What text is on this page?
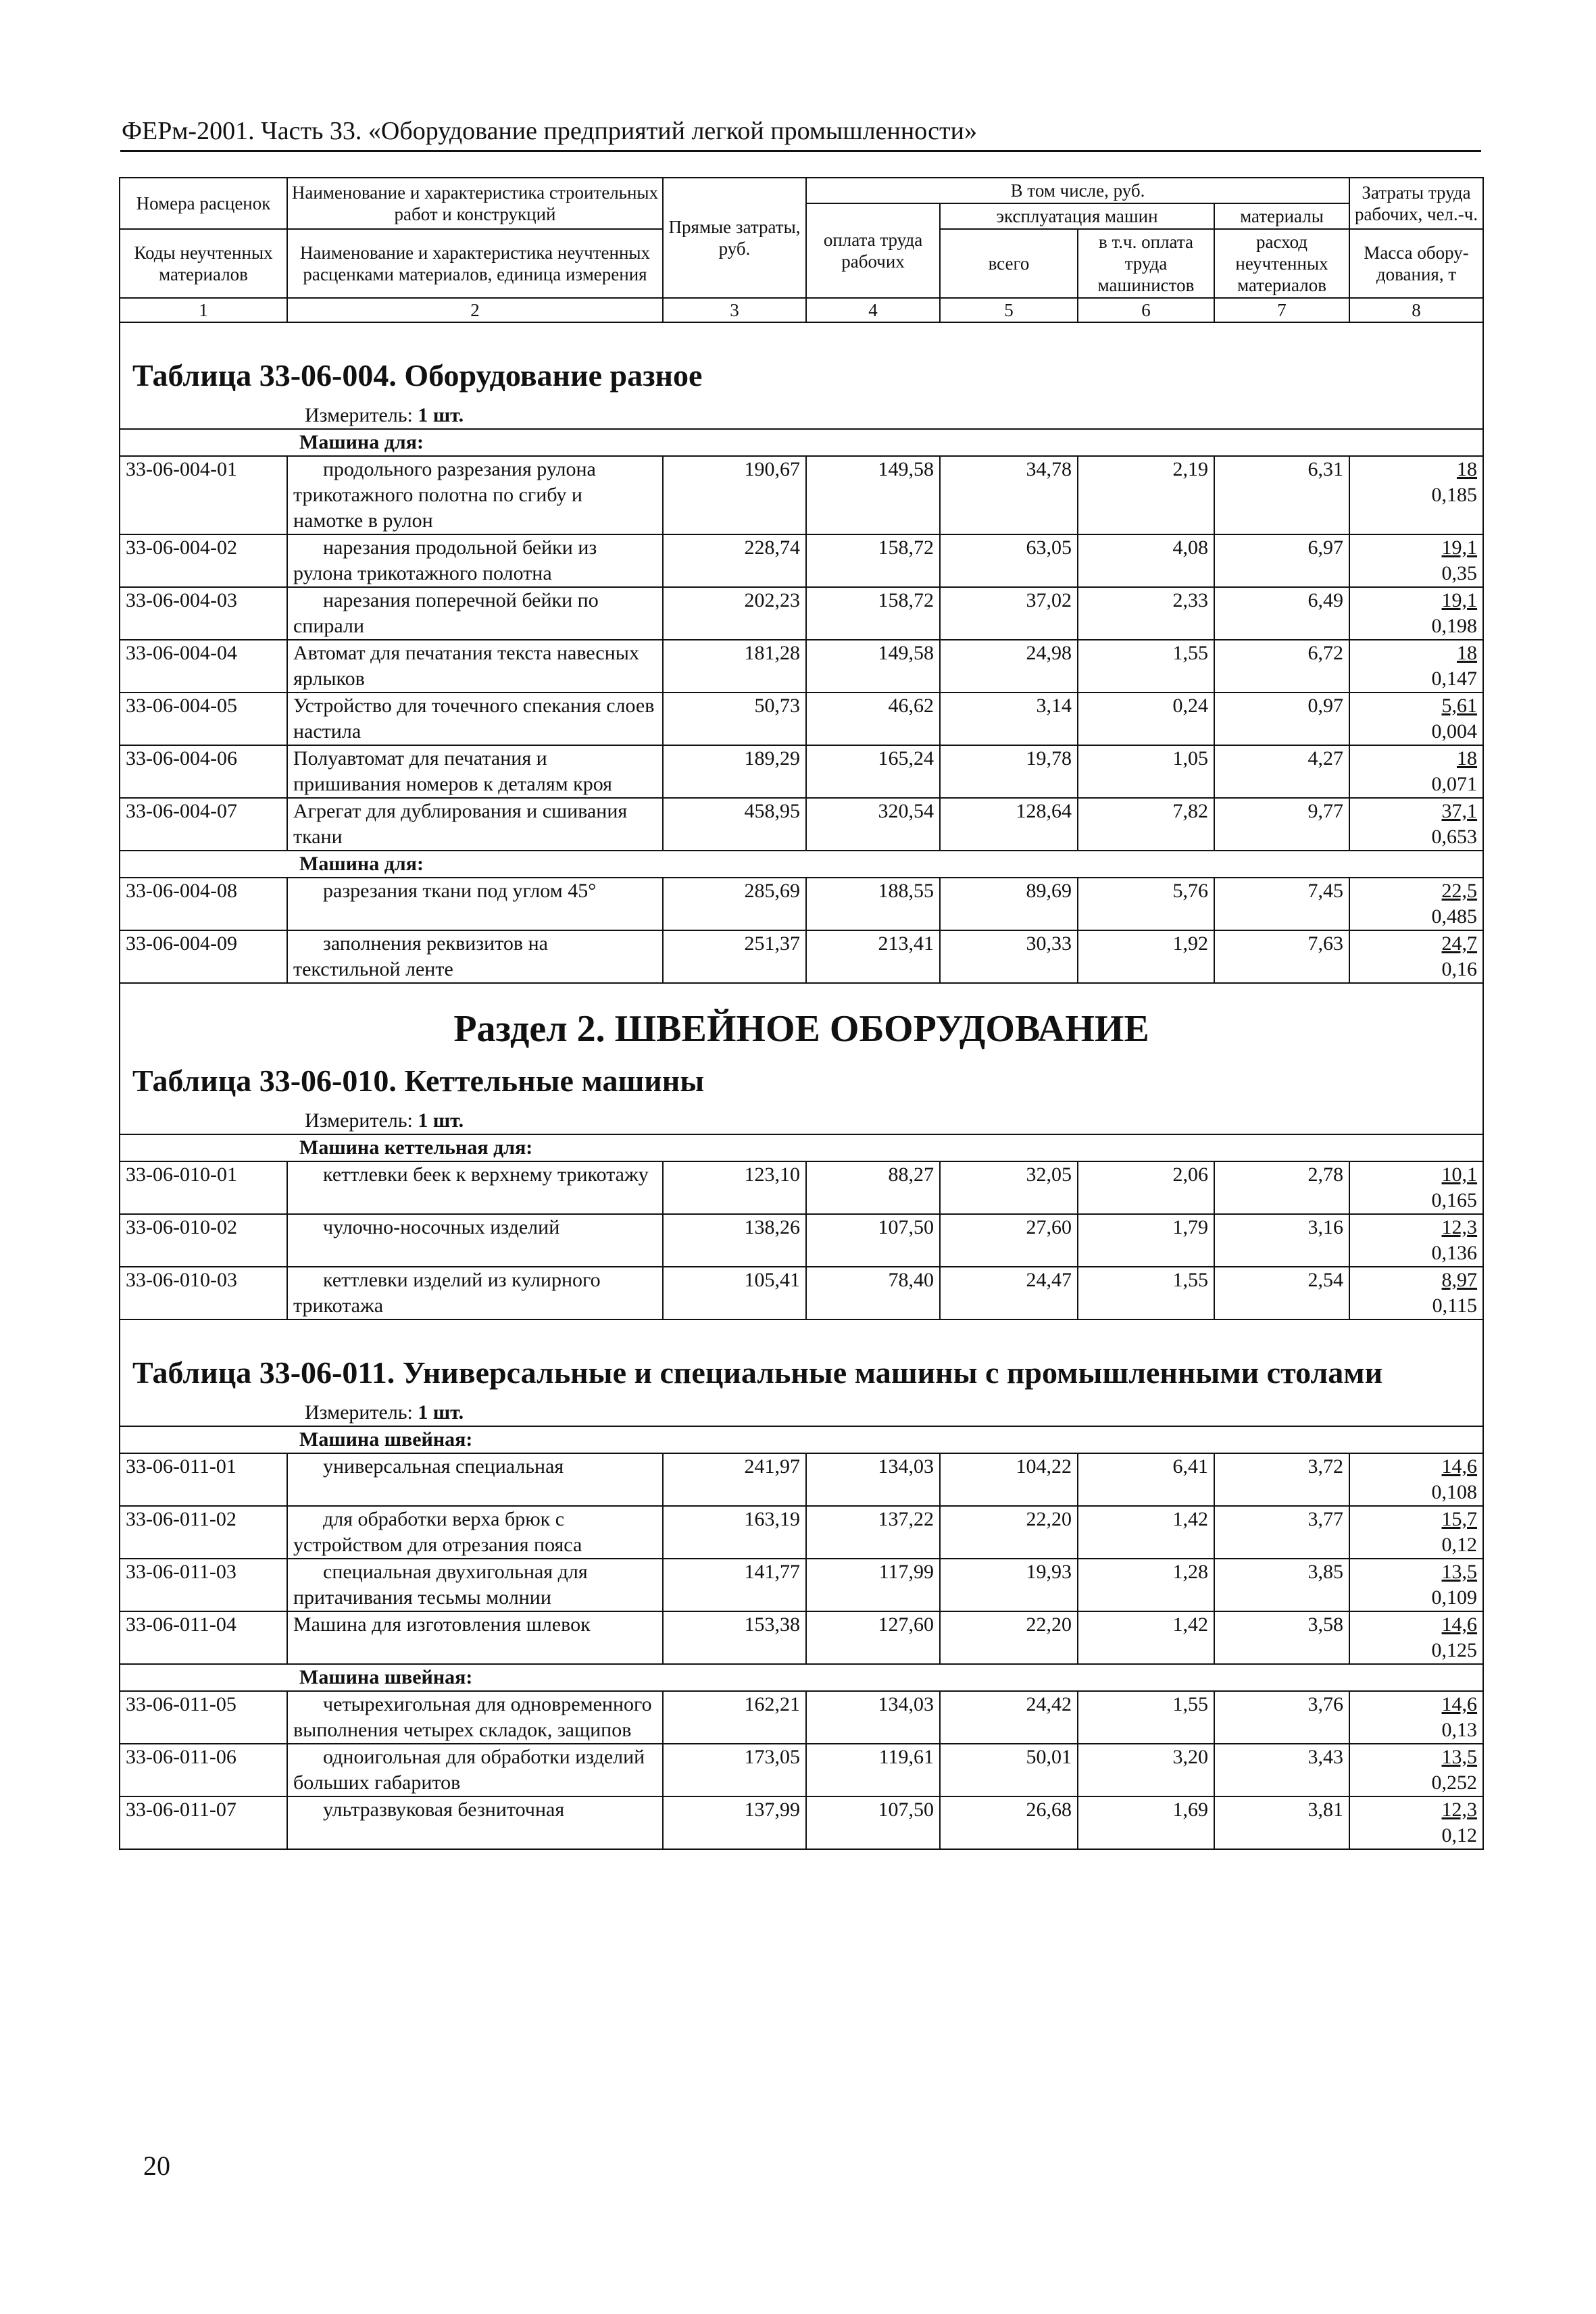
ФЕРм-2001. Часть 33. «Оборудование предприятий легкой промышленности»
Номера расценок	Наименование и характеристика строительных работ и конструкций	Прямые затраты, руб.	В том числе, руб.				Затраты труда рабочих, чел.-ч.
			оплата труда рабочих	эксплуатация машин		материалы	
Коды неучтенных материалов	Наименование и характеристика неучтенных расценками материалов, единица измерения			всего	в т.ч. оплата труда машинистов	расход неучтенных материалов	
							Масса обору-дования, т
1	2	3	4	5	6	7	8

Таблица 33-06-004. Оборудование разное							

Измеритель: 1 шт.							

Машина для:							
33-06-004-01	продольного разрезания рулона трикотажного полотна по сгибу и намотке в рулон	190,67	149,58	34,78	2,19	6,31	18
0,185

33-06-004-02	нарезания продольной бейки из рулона трикотажного полотна	228,74	158,72	63,05	4,08	6,97	19,1
0,35

33-06-004-03	нарезания поперечной бейки по спирали	202,23	158,72	37,02	2,33	6,49	19,1
0,198

33-06-004-04	Автомат для печатания текста навесных ярлыков	181,28	149,58	24,98	1,55	6,72	18
0,147

33-06-004-05	Устройство для точечного спекания слоев настила	50,73	46,62	3,14	0,24	0,97	5,61
0,004

33-06-004-06	Полуавтомат для печатания и пришивания номеров к деталям кроя	189,29	165,24	19,78	1,05	4,27	18
0,071

33-06-004-07	Агрегат для дублирования и сшивания ткани	458,95	320,54	128,64	7,82	9,77	37,1
0,653

Машина для:							
33-06-004-08	разрезания ткани под углом 45°	285,69	188,55	89,69	5,76	7,45	22,5
0,485

33-06-004-09	заполнения реквизитов на текстильной ленте	251,37	213,41	30,33	1,92	7,63	24,7
0,16

Раздел 2. ШВЕЙНОЕ ОБОРУДОВАНИЕ
Таблица 33-06-010. Кеттельные машины							

Измеритель: 1 шт.							

Машина кеттельная для:							
33-06-010-01	кеттлевки беек к верхнему трикотажу	123,10	88,27	32,05	2,06	2,78	10,1
0,165

33-06-010-02	чулочно-носочных изделий	138,26	107,50	27,60	1,79	3,16	12,3
0,136

33-06-010-03	кеттлевки изделий из кулирного трикотажа	105,41	78,40	24,47	1,55	2,54	8,97
0,115

Таблица 33-06-011. Универсальные и специальные машины с промышленными столами							

Измеритель: 1 шт.							

Машина швейная:							
33-06-011-01	универсальная специальная	241,97	134,03	104,22	6,41	3,72	14,6
0,108

33-06-011-02	для обработки верха брюк с устройством для отрезания пояса	163,19	137,22	22,20	1,42	3,77	15,7
0,12

33-06-011-03	специальная двухигольная для притачивания тесьмы молнии	141,77	117,99	19,93	1,28	3,85	13,5
0,109

33-06-011-04	Машина для изготовления шлевок	153,38	127,60	22,20	1,42	3,58	14,6
0,125

Машина швейная:							
33-06-011-05	четырехигольная для одновременного выполнения четырех складок, защипов	162,21	134,03	24,42	1,55	3,76	14,6
0,13

33-06-011-06	одноигольная для обработки изделий больших габаритов	173,05	119,61	50,01	3,20	3,43	13,5
0,252

33-06-011-07	ультразвуковая безниточная	137,99	107,50	26,68	1,69	3,81	12,3
0,12
20
